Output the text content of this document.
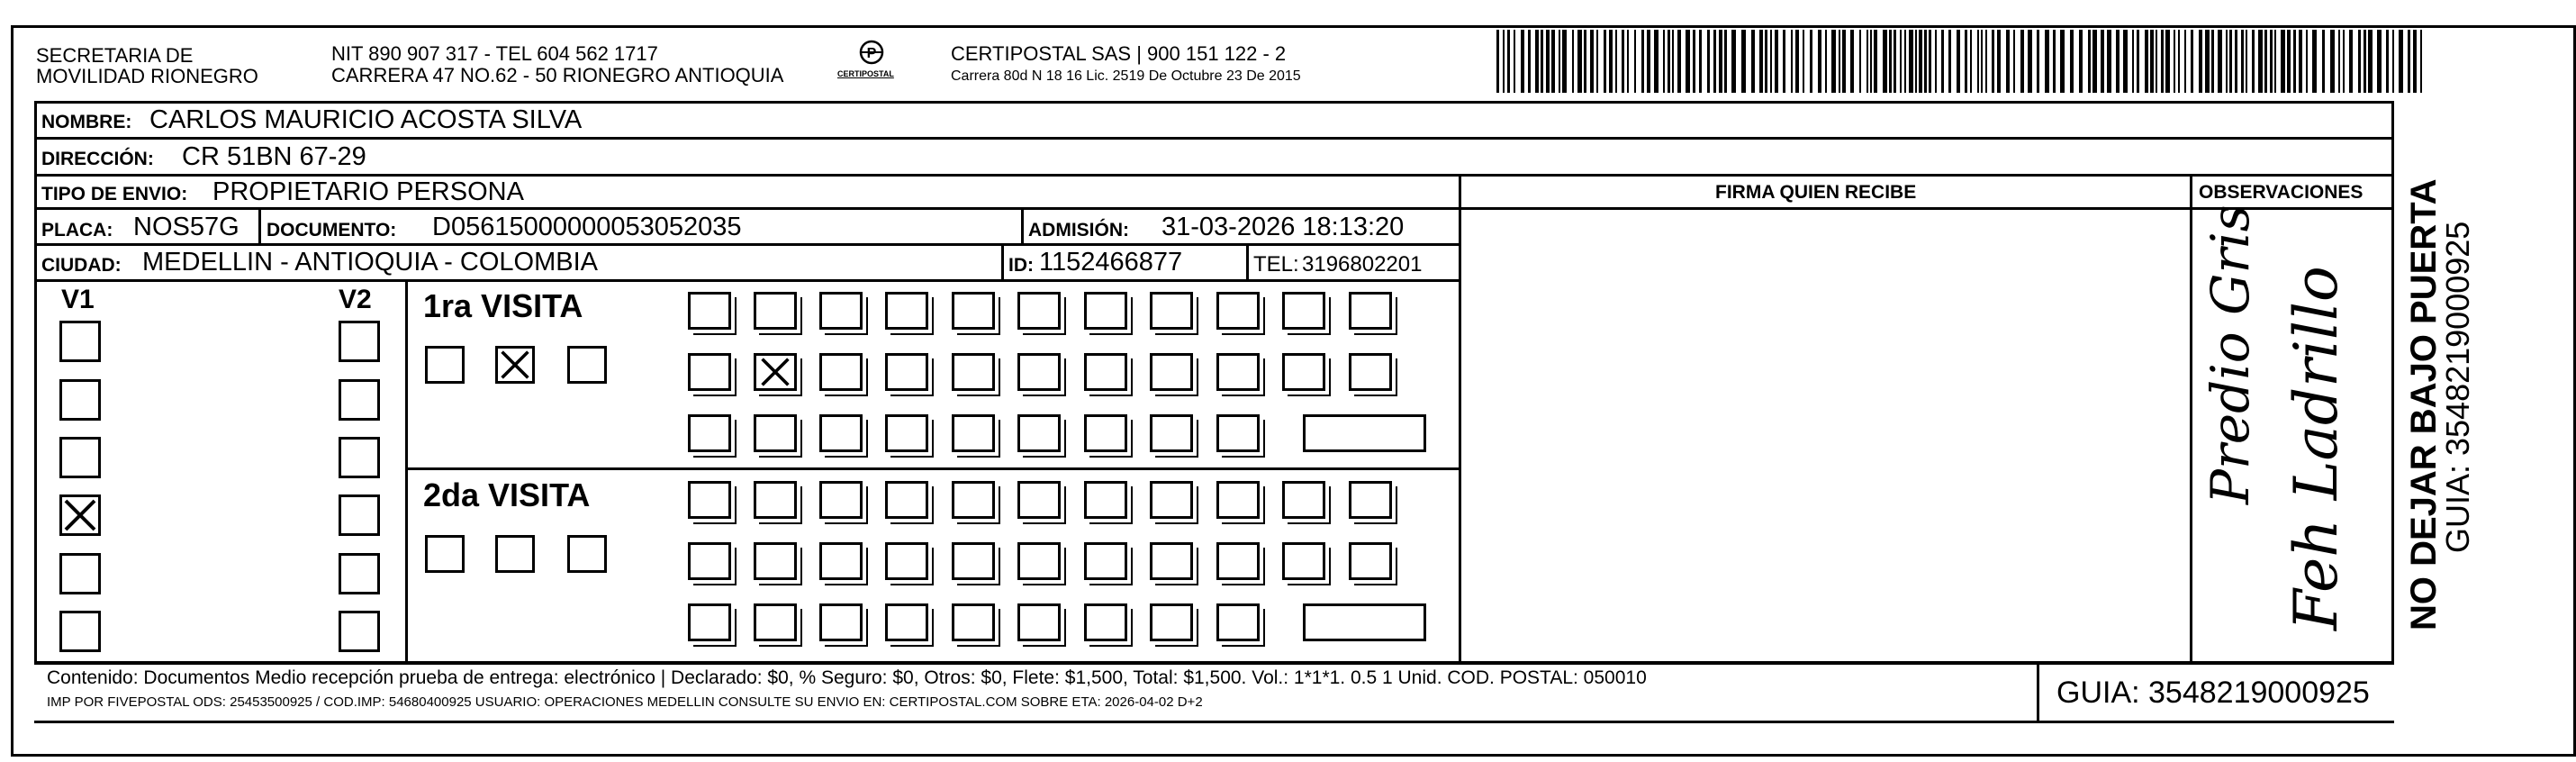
SECRETARIA DE
MOVILIDAD RIONEGRO
NIT 890 907 317 - TEL 604 562 1717
CARRERA 47 NO.62 - 50 RIONEGRO ANTIOQUIA
P
CERTIPOSTAL
CERTIPOSTAL SAS | 900 151 122 - 2
Carrera 80d N 18 16 Lic. 2519 De Octubre 23 De 2015
NOMBRE: CARLOS MAURICIO ACOSTA SILVA
DIRECCIÓN: CR 51BN 67-29
TIPO DE ENVIO: PROPIETARIO PERSONA
PLACA: NOS57G DOCUMENTO: D05615000000053052035	ADMISIÓN: 31-03-2026 18:13:20
CIUDAD: MEDELLIN - ANTIOQUIA - COLOMBIA	ID: 1152466877	TEL: 3196802201
FIRMA QUIEN RECIBE	OBSERVACIONES
Predio Gris Feh Ladrillo NO DEJAR BAJO PUERTA
GUIA: 3548219000925
V1	V2 1ra VISITA
2da VISITA
Contenido: Documentos Medio recepción prueba de entrega: electrónico | Declarado: $0, % Seguro: $0, Otros: $0, Flete: $1,500, Total: $1,500. Vol.: 1*1*1. 0.5 1 Unid. COD. POSTAL: 050010
IMP POR FIVEPOSTAL ODS: 25453500925 / COD.IMP: 54680400925 USUARIO: OPERACIONES MEDELLIN CONSULTE SU ENVIO EN: CERTIPOSTAL.COM SOBRE ETA: 2026-04-02 D+2	GUIA: 3548219000925
